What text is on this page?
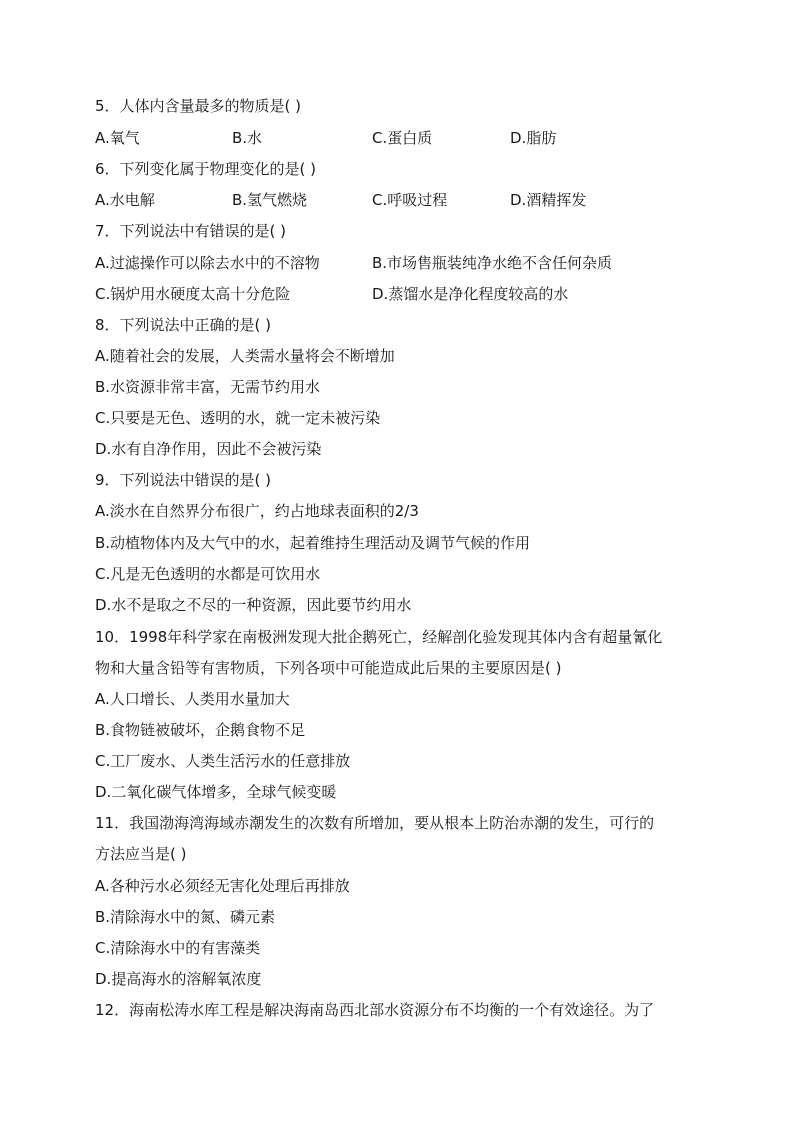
5．人体内含量最多的物质是( )
A.氧气	B.水	C.蛋白质	D.脂肪
6．下列变化属于物理变化的是( )
A.水电解	B.氢气燃烧	C.呼吸过程	D.酒精挥发
7．下列说法中有错误的是( )
A.过滤操作可以除去水中的不溶物	B.市场售瓶装纯净水绝不含任何杂质
C.锅炉用水硬度太高十分危险	D.蒸馏水是净化程度较高的水
8．下列说法中正确的是( )
A.随着社会的发展，人类需水量将会不断增加
B.水资源非常丰富，无需节约用水
C.只要是无色、透明的水，就一定未被污染
D.水有自净作用，因此不会被污染
9．下列说法中错误的是( )
A.淡水在自然界分布很广，约占地球表面积的2/3
B.动植物体内及大气中的水，起着维持生理活动及调节气候的作用
C.凡是无色透明的水都是可饮用水
D.水不是取之不尽的一种资源，因此要节约用水
10．1998年科学家在南极洲发现大批企鹅死亡，经解剖化验发现其体内含有超量氰化
物和大量含铅等有害物质，下列各项中可能造成此后果的主要原因是( )
A.人口增长、人类用水量加大
B.食物链被破坏，企鹅食物不足
C.工厂废水、人类生活污水的任意排放
D.二氧化碳气体增多，全球气候变暖
11．我国渤海湾海域赤潮发生的次数有所增加，要从根本上防治赤潮的发生，可行的
方法应当是( )
A.各种污水必须经无害化处理后再排放
B.清除海水中的氮、磷元素
C.清除海水中的有害藻类
D.提高海水的溶解氧浓度
12．海南松涛水库工程是解决海南岛西北部水资源分布不均衡的一个有效途径。为了
